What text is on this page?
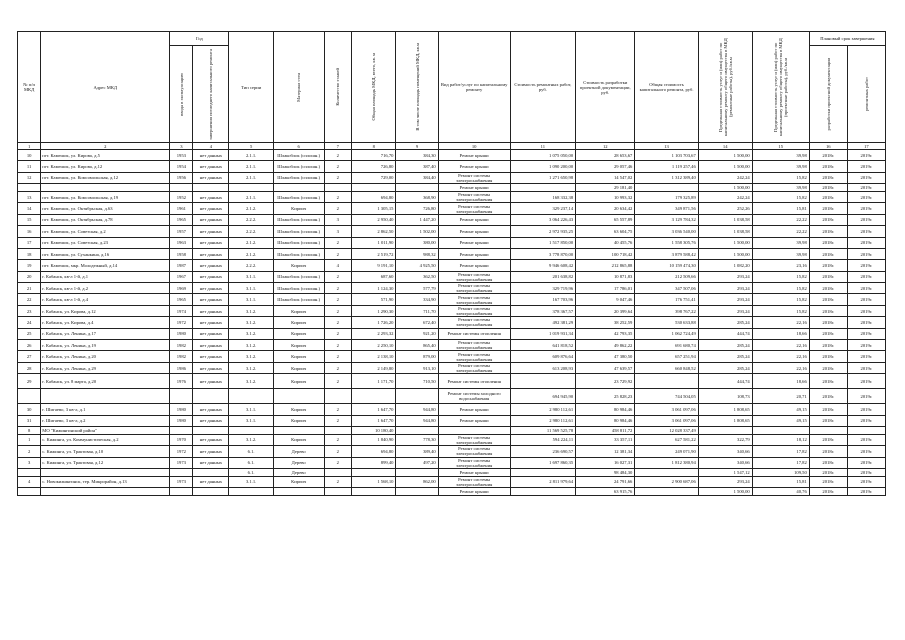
№ п/п МКД	Адрес МКД	Год		Тип серии	Материал стен	Количество этажей	Общая площадь МКД, всего, кв. м	В том числе площадь помещений МКД, кв.м	Вид работ/услуг по капитальному ремонту	Стоимость ремонтных работ, руб.	Стоимость разработки проектной документации, руб.	Общая стоимость капитального ремонта, руб.	Предельная стоимость услуг и (или) работ по капитальному ремонту общего имущества в МКД (ремонтные работы), руб./кв.м	Предельная стоимость услуг и (или) работ по капитальному ремонту общего имущества в МКД (проектные работы), руб./кв.м	Плановый срок завершения	

		ввода в эксплуатацию	завершения последнего капитального ремонта												разработки проектной документации	ремонтных работ

1	2	3	4	5	6	7	8	9	10	11	12	13	14	15	16	17
10	пгт. Камешок, ул. Кирова, д.5	1953	нет данных	2.1.1.	Шлакоблок (сплошн.)	2	716,70	384,30	Ремонт крыши	1 075 050,00	28 653,67	1 103 703,67	1 500,00	39,98	2018г.	2019г.
11	пгт. Камешок, ул. Кирова, д.12	1954	нет данных	2.1.1.	Шлакоблок (сплошн.)	2	726,80	387,40	Ремонт крыши	1 090 200,00	29 057,46	1 119 257,46	1 500,00	39,98	2018г.	2019г.
12	пгт. Камешок, ул. Комсомольская, д.12	1956	нет данных	2.1.1.	Шлакоблок (сплошн.)	2	729,00	384,40	Ремонт системы электроснабжения	1 271 650,98	14 547,02	1 312 389,40	242,24	15,82	2018г.	2019г.
									Ремонт крыши		29 181,40		1 500,00	39,98	2018г.	2019г.
13	пгт. Камешок, ул. Комсомольская, д.19	1952	нет данных	2.1.1.	Шлакоблок (сплошн.)	2	694,80	368,90	Ремонт системы электроснабжения	168 332,38	10 993,32	179 325,89	242,24	15,82	2018г.	2019г.
14	пгт. Камешок, ул. Октябрьская, д.63	1961	нет данных	2.1.2.	Кирпич	2	1 305,15	726,80	Ремонт системы электроснабжения	329 237,14	20 634,42	349 871,56	252,26	15,81	2018г.	2019г.
15	пгт. Камешок, ул. Октябрьская, д.78	1965	нет данных	2.2.2.	Шлакоблок (сплошн.)	3	2 950,40	1 447,20	Ремонт крыши	3 064 226,43	65 557,89	3 129 784,32	1 038,58	22,22	2018г.	2019г.
16	пгт. Камешок, ул. Советская, д.2	1957	нет данных	2.2.2.	Шлакоблок (сплошн.)	3	2 862,50	1 502,00	Ремонт крыши	2 972 935,25	63 604,75	3 036 540,00	1 038,58	22,22	2018г.	2019г.
17	пгт. Камешок, ул. Советская, д.23	1963	нет данных	2.1.2.	Шлакоблок (сплошн.)	2	1 011,90	380,00	Ремонт крыши	1 517 850,00	40 455,76	1 558 305,76	1 500,00	39,98	2018г.	2019г.
18	пгт. Камешок, ул. Суханкина, д.16	1958	нет данных	2.1.2.	Шлакоблок (сплошн.)	2	2 519,72	988,32	Ремонт крыши	3 778 870,00	100 718,42	3 879 588,42	1 500,00	39,98	2018г.	2019г.
19	пгт. Камешок, мкр. Молодежный, д.14	1987	нет данных	2.2.2.	Кирпич	4	9 191,10	4 925,50	Ремонт крыши	9 946 608,42	212 865,88	10 159 474,30	1 082,20	23,16	2018г.	2019г.
20	г. Кабанск, кв-л 1-й, д.1	1967	нет данных	3.1.1.	Шлакоблок (сплошн.)	2	687,60	362,50	Ремонт системы электроснабжения	201 638,82	10 871,83	212 509,66	293,24	15,82	2018г.	2019г.
21	г. Кабанск, кв-л 1-й, д.2	1969	нет данных	3.1.1.	Шлакоблок (сплошн.)	2	1 124,30	577,79	Ремонт системы электроснабжения	329 719,96	17 786,01	347 507,06	293,24	15,82	2018г.	2019г.
22	г. Кабанск, кв-л 1-й, д.4	1965	нет данных	3.1.1.	Шлакоблок (сплошн.)	2	571,90	334,90	Ремонт системы электроснабжения	167 703,96	9 047,46	176 751,41	293,24	15,82	2018г.	2019г.
23	г. Кабанск, ул. Кирова, д.12	1974	нет данных	3.1.2.	Кирпич	2	1 290,30	711,70	Ремонт системы электроснабжения	378 367,57	20 399,64	398 767,22	293,24	15,82	2018г.	2019г.
24	г. Кабанск, ул. Кирова, д.4	1972	нет данных	3.1.2.	Кирпич	2	1 726,20	672,40	Ремонт системы электроснабжения	492 381,29	38 252,59	530 633,88	285,24	22,16	2018г.	2019г.
25	г. Кабанск, ул. Ленина, д.17	1980	нет данных	3.1.2.	Кирпич	2	2 293,32	921,20	Ремонт системы отопления	1 019 931,34	42 793,35	1 062 724,49	444,74	18,66	2018г.	2019г.
26	г. Кабанск, ул. Ленина, д.19	1982	нет данных	3.1.2.	Кирпич	2	2 250,10	865,40	Ремонт системы электроснабжения	641 818,52	49 862,22	691 680,74	285,24	22,16	2018г.	2019г.
27	г. Кабанск, ул. Ленина, д.20	1982	нет данных	3.1.2.	Кирпич	2	2 138,10	879,00	Ремонт системы электроснабжения	609 876,64	47 380,50	657 251,94	285,24	22,16	2018г.	2019г.
28	г. Кабанск, ул. Ленина, д.29	1986	нет данных	3.1.2.	Кирпич	2	2 149,80	913,10	Ремонт системы электроснабжения	613 208,93	47 639,57	660 848,52	285,24	22,16	2018г.	2019г.
29	г. Кабанск, ул. 8 марта, д.20	1976	нет данных	3.1.2.	Кирпич	2	1 171,70	710,50	Ремонт системы отопления		23 729,92		444,74	18,66	2018г.	2019г.
									Ремонт системы холодного водоснабжения	694 945,90	25 828,23	744 504,05	108,73	20,71	2018г.	2019г.
30	г. Шигаево, 3 кв-л, д.1	1980	нет данных	3.1.1.	Кирпич	2	1 647,70	944,80	Ремонт крыши	2 980 112,61	80 984,46	3 061 097,06	1 808,65	49,15	2018г.	2019г.
31	г. Шигаево, 3 кв-л, д.2	1980	нет данных	3.1.1.	Кирпич	2	1 647,70	944,80	Ремонт крыши	2 980 112,61	80 984,46	3 061 097,06	1 808,65	49,15	2018г.	2019г.
8	МО "Кижингинский район"						10 180,40			11 569 525,78	458 811,72	12 028 337,49				
1	с. Кижинга, ул. Коммунистическая, д.2	1970	нет данных	3.1.2.	Кирпич	2	1 840,90	778,30	Ремонт системы электроснабжения	594 224,11	33 357,11	627 581,22	322,79	18,12	2018г.	2019г.
2	с. Кижинга, ул. Трактовая, д.10	1972	нет данных	6.1.	Дерево	2	694,80	389,40	Ремонт системы электроснабжения	236 690,57	12 381,34	249 071,90	340,66	17,82	2018г.	2019г.
3	с. Кижинга, ул. Трактовая, д.12	1973	нет данных	6.1.	Дерево	2	899,40	497,20	Ремонт системы электроснабжения	1 697 860,35	16 027,31	1 812 380,94	340,66	17,82	2018г.	2019г.
				6.1.	Дерево				Ремонт крыши		98 484,30		1 547,12	109,50	2018г.	2019г.
4	с. Новокижингинск, тер. Микрорайон, д.13	1973	нет данных	3.1.1.	Кирпич	2	1 568,10	862,00	Ремонт системы электроснабжения	2 811 979,64	24 791,66	2 900 687,06	293,24	15,81	2018г.	2019г.
									Ремонт крыши		63 915,76		1 500,00	40,76	2018г.	2019г.
